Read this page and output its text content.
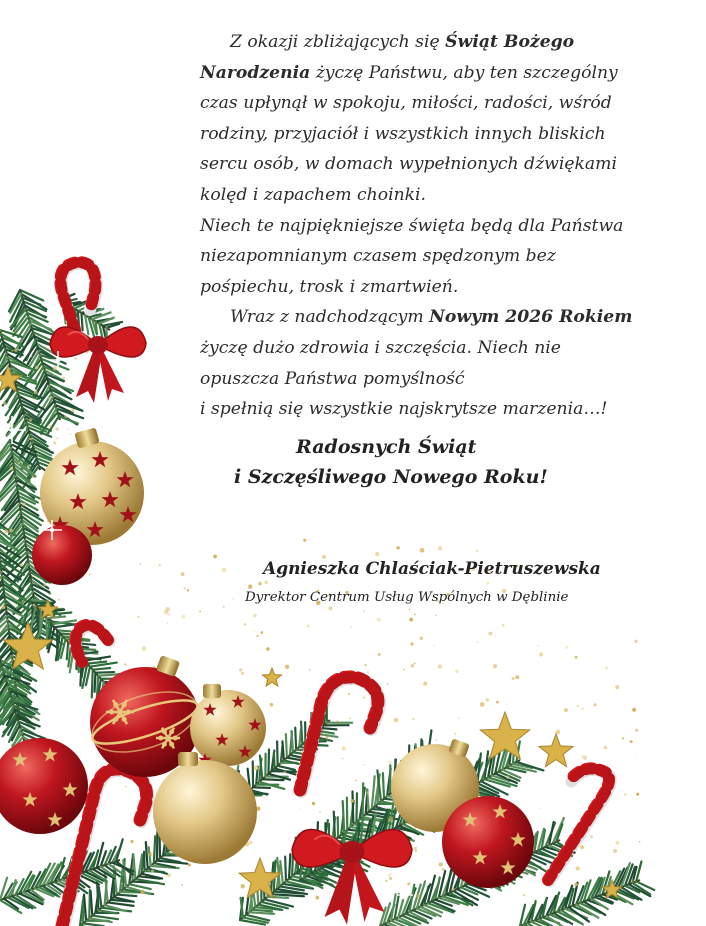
Z okazji zbliżających się Świąt Bożego
Narodzenia życzę Państwu, aby ten szczególny
czas upłynął w spokoju, miłości, radości, wśród
rodziny, przyjaciół i wszystkich innych bliskich
sercu osób, w domach wypełnionych dźwiękami
kolęd i zapachem choinki.
Niech te najpiękniejsze święta będą dla Państwa
niezapomnianym czasem spędzonym bez
pośpiechu, trosk i zmartwień.
Wraz z nadchodzącym Nowym 2026 Rokiem
życzę dużo zdrowia i szczęścia. Niech nie
opuszcza Państwa pomyślność
i spełnią się wszystkie najskrytsze marzenia…!
Radosnych Świąt
i Szczęśliwego Nowego Roku!
Agnieszka Chlaściak-Pietruszewska
Dyrektor Centrum Usług Wspólnych w Dęblinie
